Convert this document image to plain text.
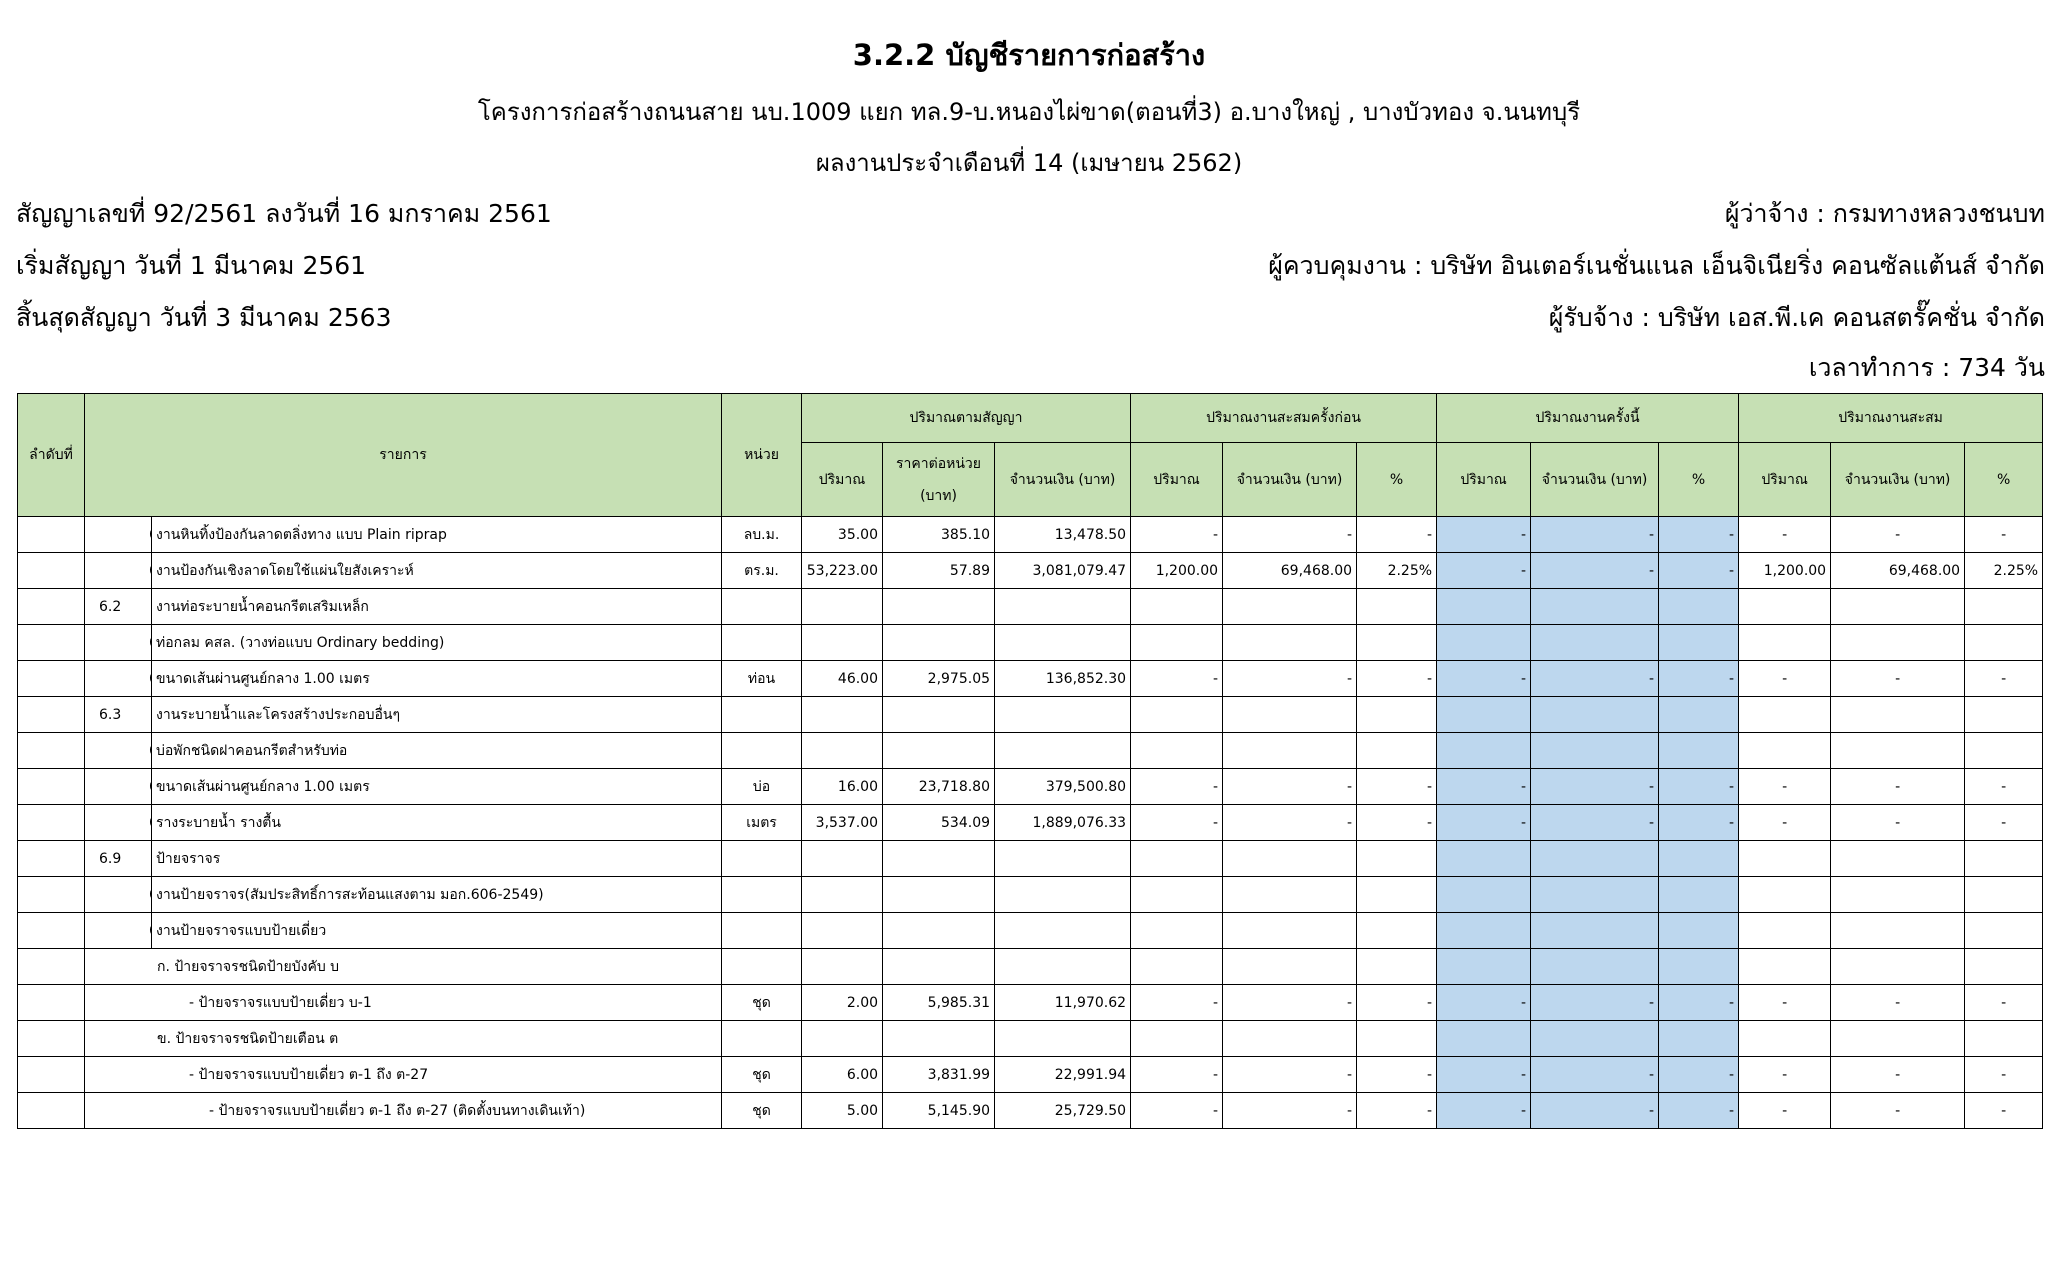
3.2.2 บัญชีรายการก่อสร้าง
โครงการก่อสร้างถนนสาย นบ.1009 แยก ทล.9-บ.หนองไผ่ขาด(ตอนที่3) อ.บางใหญ่ , บางบัวทอง จ.นนทบุรี
ผลงานประจำเดือนที่ 14 (เมษายน 2562)
สัญญาเลขที่ 92/2561 ลงวันที่ 16 มกราคม 2561
เริ่มสัญญา วันที่ 1 มีนาคม 2561
สิ้นสุดสัญญา วันที่ 3 มีนาคม 2563
ผู้ว่าจ้าง : กรมทางหลวงชนบท
ผู้ควบคุมงาน : บริษัท อินเตอร์เนชั่นแนล เอ็นจิเนียริ่ง คอนซัลแต้นส์ จำกัด
ผู้รับจ้าง : บริษัท เอส.พี.เค คอนสตรั๊คชั่น จำกัด
เวลาทำการ : 734 วัน
ลำดับที่	รายการ		หน่วย	ปริมาณตามสัญญา			ปริมาณงานสะสมครั้งก่อน			ปริมาณงานครั้งนี้			ปริมาณงานสะสม		
				ปริมาณ	ราคาต่อหน่วย (บาท)	จำนวนเงิน (บาท)	ปริมาณ	จำนวนเงิน (บาท)	%	ปริมาณ	จำนวนเงิน (บาท)	%	ปริมาณ	จำนวนเงิน (บาท)	%
		งานหินทิ้งป้องกันลาดตลิ่งทาง แบบ Plain riprap	ลบ.ม.	35.00	385.10	13,478.50	-	-	-	-	-	-	-	-	-
		งานป้องกันเชิงลาดโดยใช้แผ่นใยสังเคราะห์	ตร.ม.	53,223.00	57.89	3,081,079.47	1,200.00	69,468.00	2.25%	-	-	-	1,200.00	69,468.00	2.25%
	6.2	งานท่อระบายน้ำคอนกรีตเสริมเหล็ก													
		ท่อกลม คสล. (วางท่อแบบ Ordinary bedding)													
		ขนาดเส้นผ่านศูนย์กลาง 1.00 เมตร	ท่อน	46.00	2,975.05	136,852.30	-	-	-	-	-	-	-	-	-
	6.3	งานระบายน้ำและโครงสร้างประกอบอื่นๆ													
		บ่อพักชนิดฝาคอนกรีตสำหรับท่อ													
		ขนาดเส้นผ่านศูนย์กลาง 1.00 เมตร	บ่อ	16.00	23,718.80	379,500.80	-	-	-	-	-	-	-	-	-
		รางระบายน้ำ รางตื้น	เมตร	3,537.00	534.09	1,889,076.33	-	-	-	-	-	-	-	-	-
	6.9	ป้ายจราจร													
		งานป้ายจราจร(สัมประสิทธิ์การสะท้อนแสงตาม มอก.606-2549)													
		งานป้ายจราจรแบบป้ายเดี่ยว													
	ก. ป้ายจราจรชนิดป้ายบังคับ บ														
	- ป้ายจราจรแบบป้ายเดี่ยว บ-1		ชุด	2.00	5,985.31	11,970.62	-	-	-	-	-	-	-	-	-
	ข. ป้ายจราจรชนิดป้ายเตือน ต														
	- ป้ายจราจรแบบป้ายเดี่ยว ต-1 ถึง ต-27		ชุด	6.00	3,831.99	22,991.94	-	-	-	-	-	-	-	-	-
	- ป้ายจราจรแบบป้ายเดี่ยว ต-1 ถึง ต-27 (ติดตั้งบนทางเดินเท้า)		ชุด	5.00	5,145.90	25,729.50	-	-	-	-	-	-	-	-	-
